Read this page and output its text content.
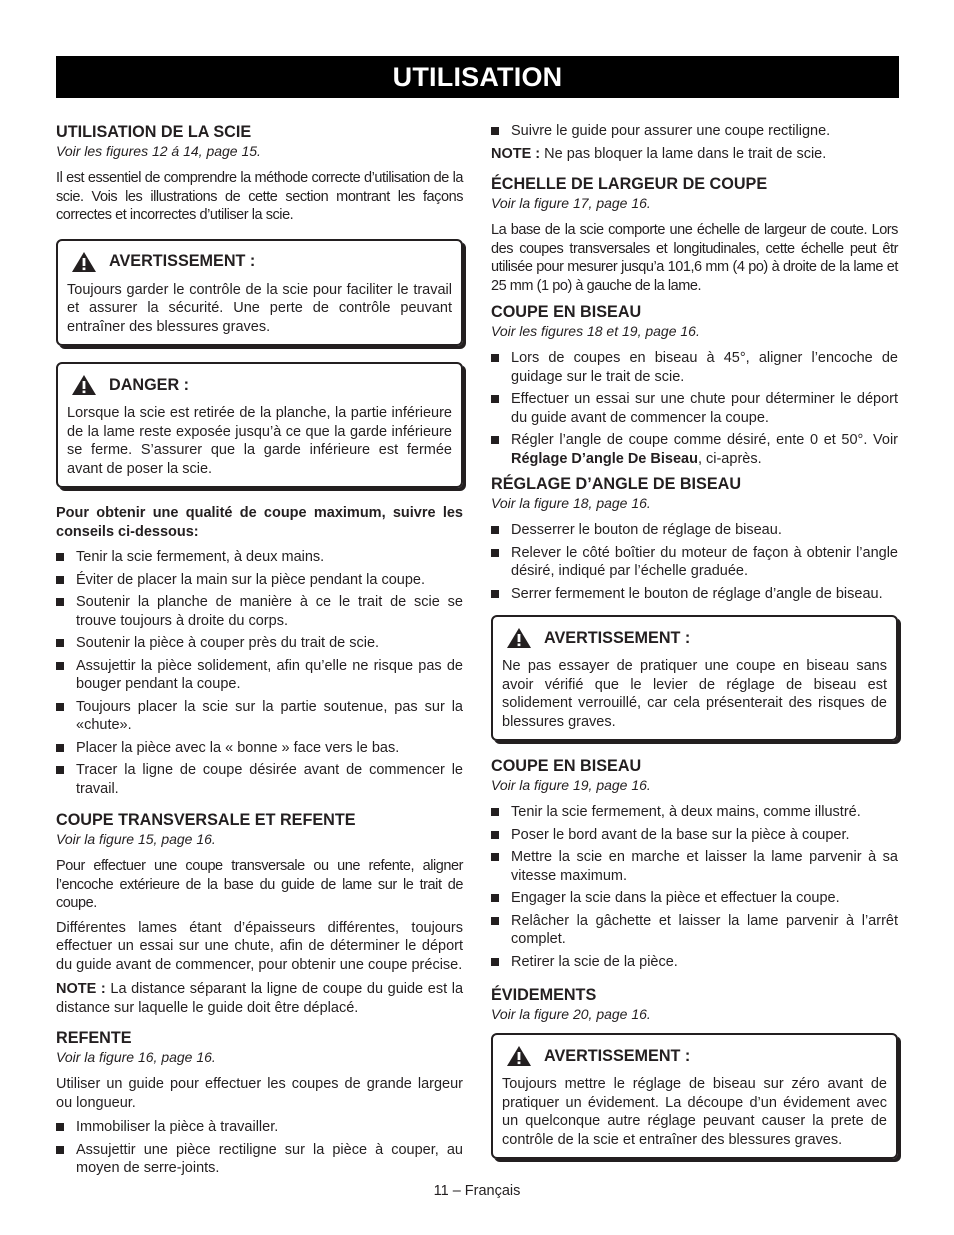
UTILISATION
UTILISATION DE LA SCIE
Voir les figures 12 á 14, page 15.

Il est essentiel de comprendre la méthode correcte d’utilisation de la scie. Vois les illustrations de cette section montrant les façons correctes et incorrectes d’utiliser la scie.

AVERTISSEMENT :

Toujours garder le contrôle de la scie pour faciliter le travail et assurer la sécurité. Une perte de contrôle peuvant entraîner des blessures graves.

DANGER :

Lorsque la scie est retirée de la planche, la partie inférieure de la lame reste exposée jusqu’à ce que la garde inférieure se ferme. S’assurer que la garde inférieure est fermée avant de poser la scie.

Pour obtenir une qualité de coupe maximum, suivre les conseils ci-dessous:

Tenir la scie fermement, à deux mains.
Éviter de placer la main sur la pièce pendant la coupe.
Soutenir la planche de manière à ce le trait de scie se trouve toujours à droite du corps.
Soutenir la pièce à couper près du trait de scie.
Assujettir la pièce solidement, afin qu’elle ne risque pas de bouger pendant la coupe.
Toujours placer la scie sur la partie soutenue, pas sur la «chute».
Placer la pièce avec la « bonne » face vers le bas.
Tracer la ligne de coupe désirée avant de commencer le travail.
COUPE TRANSVERSALE ET REFENTE
Voir la figure 15, page 16.

Pour effectuer une coupe transversale ou une refente, aligner l’encoche extérieure de la base du guide de lame sur le trait de coupe.

Différentes lames étant d’épaisseurs différentes, toujours effectuer un essai sur une chute, afin de déterminer le déport du guide avant de commencer, pour obtenir une coupe précise.

NOTE : La distance séparant la ligne de coupe du guide est la distance sur laquelle le guide doit être déplacé.

REFENTE
Voir la figure 16, page 16.

Utiliser un guide pour effectuer les coupes de grande largeur ou longueur.

Immobiliser la pièce à travailler.
Assujettir une pièce rectiligne sur la pièce à couper, au moyen de serre-joints.
Suivre le guide pour assurer une coupe rectiligne.

NOTE : Ne pas bloquer la lame dans le trait de scie.

ÉCHELLE DE LARGEUR DE COUPE
Voir la figure 17, page 16.

La base de la scie comporte une échelle de largeur de coute. Lors des coupes transversales et longitudinales, cette échelle peut êtr utilisée pour mesurer jusqu’a 101,6 mm (4 po) à droite de la lame et 25 mm (1 po) à gauche de la lame.

COUPE EN BISEAU
Voir les figures 18 et 19, page 16.
Lors de coupes en biseau à 45°, aligner l’encoche de guidage sur le trait de scie.
Effectuer un essai sur une chute pour déterminer le déport du guide avant de commencer la coupe.
Régler l’angle de coupe comme désiré, ente 0 et 50°. Voir Réglage D’angle De Biseau, ci-après.
RÉGLAGE D’ANGLE DE BISEAU
Voir la figure 18, page 16.
Desserrer le bouton de réglage de biseau.
Relever le côté boîtier du moteur de façon à obtenir l’angle désiré, indiqué par l’échelle graduée.
Serrer fermement le bouton de réglage d’angle de biseau.
AVERTISSEMENT :

Ne pas essayer de pratiquer une coupe en biseau sans avoir vérifié que le levier de réglage de biseau est solidement verrouillé, car cela présenterait des risques de blessures graves.

COUPE EN BISEAU
Voir la figure 19, page 16.
Tenir la scie fermement, à deux mains, comme illustré.
Poser le bord avant de la base sur la pièce à couper.
Mettre la scie en marche et laisser la lame parvenir à sa vitesse maximum.
Engager la scie dans la pièce et effectuer la coupe.
Relâcher la gâchette et laisser la lame parvenir à l’arrêt complet.
Retirer la scie de la pièce.
ÉVIDEMENTS
Voir la figure 20, page 16.
AVERTISSEMENT :

Toujours mettre le réglage de biseau sur zéro avant de pratiquer un évidement. La découpe d’un évidement avec un quelconque autre réglage peuvant causer la prete de contrôle de la scie et entraîner des blessures graves.

11 – Français
